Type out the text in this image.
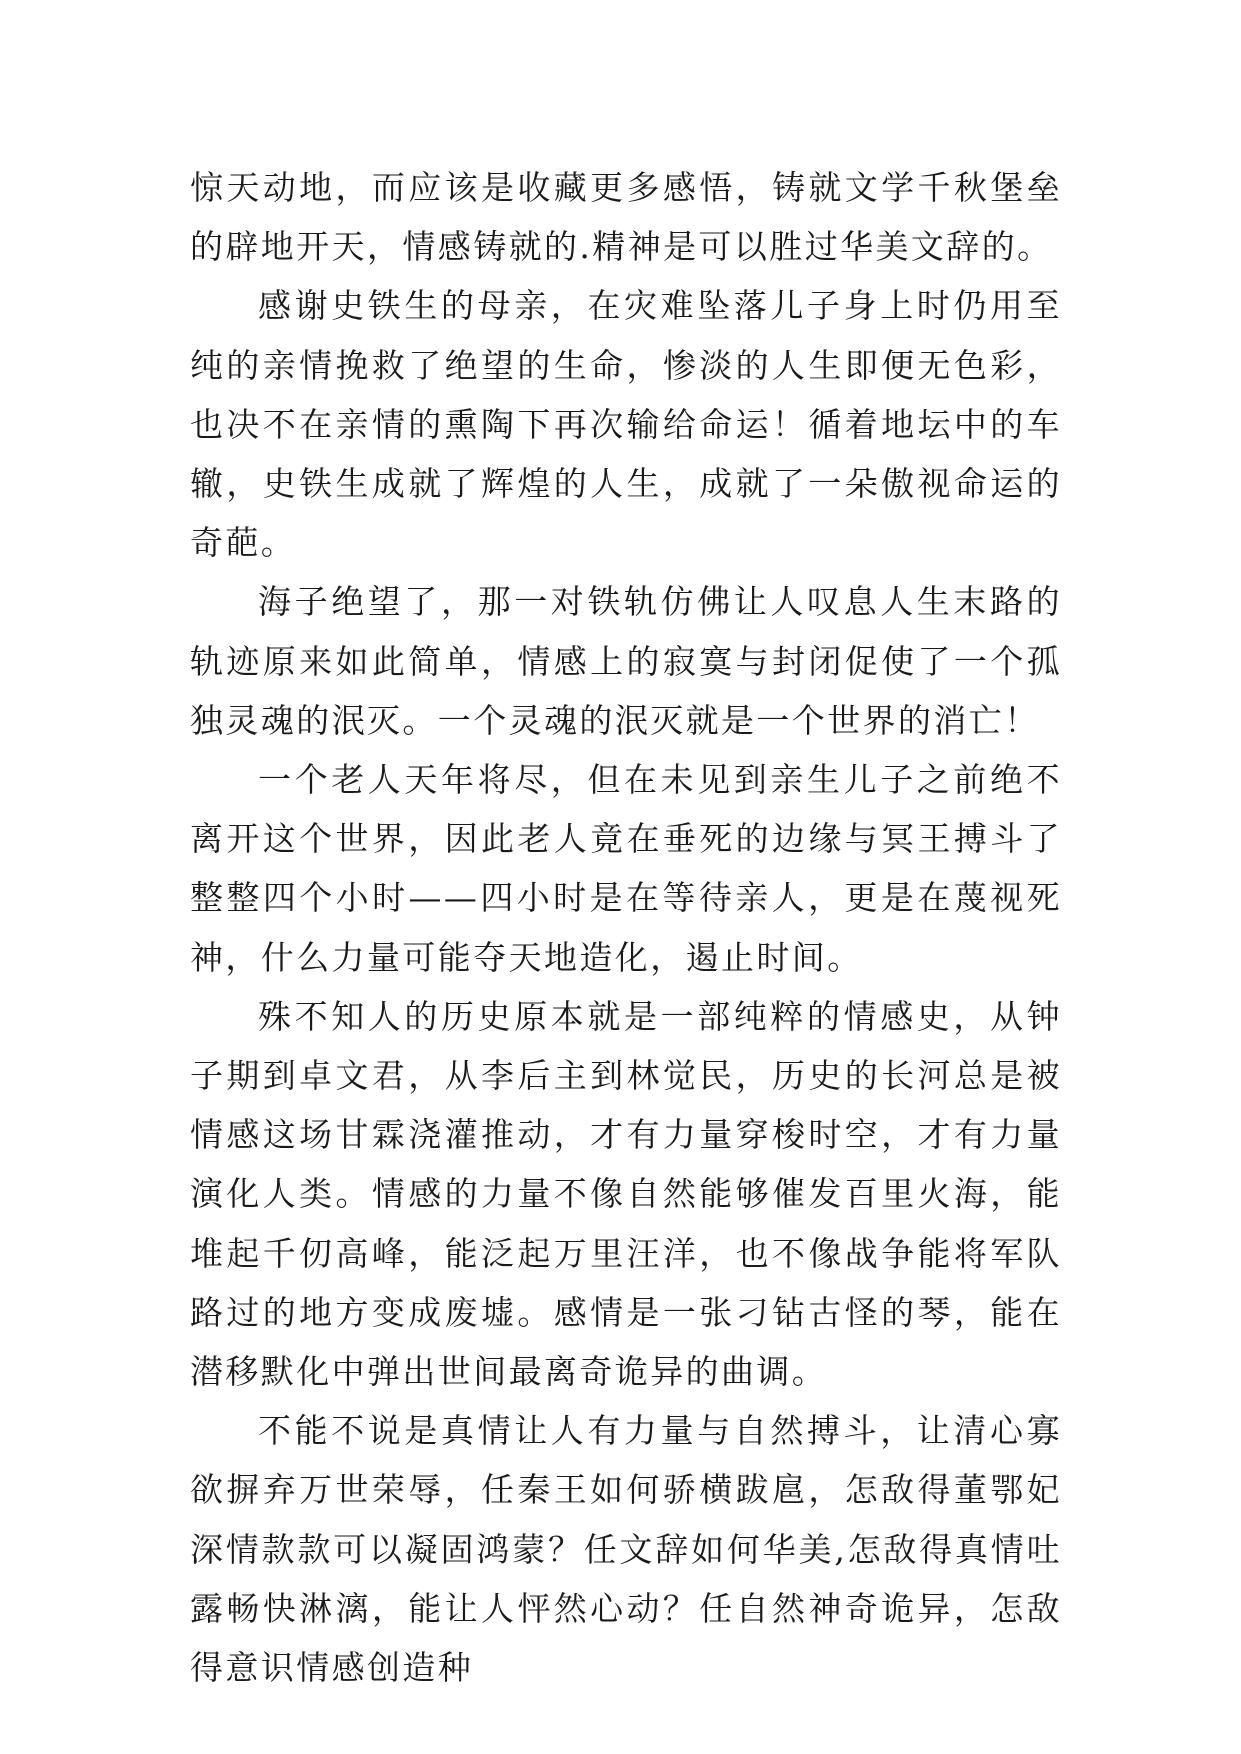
惊天动地，而应该是收藏更多感悟，铸就文学千秋堡垒的辟地开天，情感铸就的.精神是可以胜过华美文辞的。

感谢史铁生的母亲，在灾难坠落儿子身上时仍用至纯的亲情挽救了绝望的生命，惨淡的人生即便无色彩，也决不在亲情的熏陶下再次输给命运！循着地坛中的车辙，史铁生成就了辉煌的人生，成就了一朵傲视命运的奇葩。

海子绝望了，那一对铁轨仿佛让人叹息人生末路的轨迹原来如此简单，情感上的寂寞与封闭促使了一个孤独灵魂的泯灭。一个灵魂的泯灭就是一个世界的消亡！

一个老人天年将尽，但在未见到亲生儿子之前绝不离开这个世界，因此老人竟在垂死的边缘与冥王搏斗了整整四个小时——四小时是在等待亲人，更是在蔑视死神，什么力量可能夺天地造化，遏止时间。

殊不知人的历史原本就是一部纯粹的情感史，从钟子期到卓文君，从李后主到林觉民，历史的长河总是被情感这场甘霖浇灌推动，才有力量穿梭时空，才有力量演化人类。情感的力量不像自然能够催发百里火海，能堆起千仞高峰，能泛起万里汪洋，也不像战争能将军队路过的地方变成废墟。感情是一张刁钻古怪的琴，能在潜移默化中弹出世间最离奇诡异的曲调。

不能不说是真情让人有力量与自然搏斗，让清心寡欲摒弃万世荣辱，任秦王如何骄横跋扈，怎敌得董鄂妃深情款款可以凝固鸿蒙？任文辞如何华美,怎敌得真情吐露畅快淋漓，能让人怦然心动？任自然神奇诡异，怎敌得意识情感创造种
